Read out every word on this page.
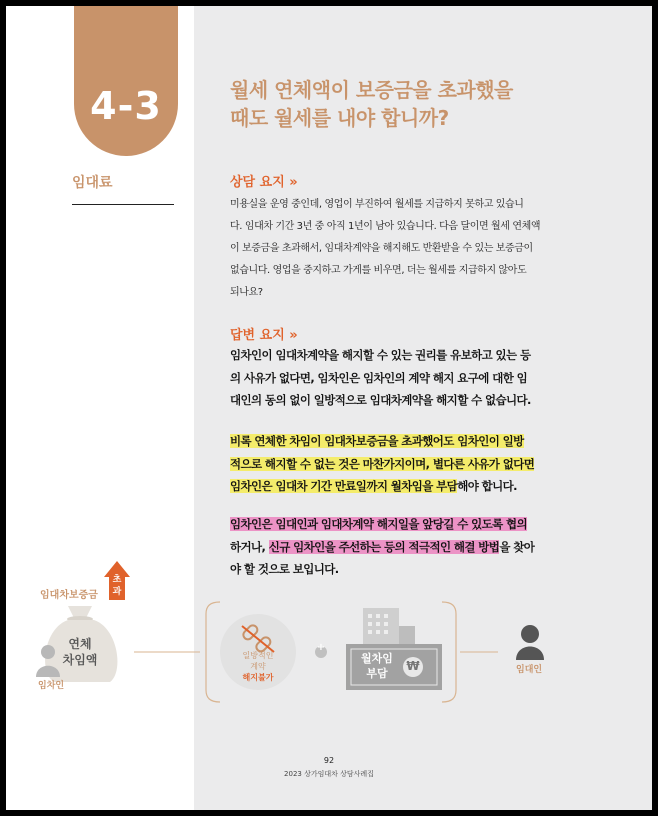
4-3
임대료
월세 연체액이 보증금을 초과했을
때도 월세를 내야 합니까?
상담 요지 »
미용실을 운영 중인데, 영업이 부진하여 월세를 지급하지 못하고 있습니
다. 임대차 기간 3년 중 아직 1년이 남아 있습니다. 다음 달이면 월세 연체액
이 보증금을 초과해서, 임대차계약을 해지해도 반환받을 수 있는 보증금이
없습니다. 영업을 중지하고 가게를 비우면, 더는 월세를 지급하지 않아도
되나요?
답변 요지 »
임차인이 임대차계약을 해지할 수 있는 권리를 유보하고 있는 등
의 사유가 없다면, 임차인은 임차인의 계약 해지 요구에 대한 임
대인의 동의 없이 일방적으로 임대차계약을 해지할 수 없습니다.
비록 연체한 차임이 임대차보증금을 초과했어도 임차인이 일방
적으로 해지할 수 없는 것은 마찬가지이며, 별다른 사유가 없다면
임차인은 임대차 기간 만료일까지 월차임을 부담해야 합니다.
임차인은 임대인과 임대차계약 해지일을 앞당길 수 있도록 협의
하거나, 신규 임차인을 주선하는 등의 적극적인 해결 방법을 찾아
야 할 것으로 보입니다.
초
과
임대차보증금
연체
차임액
임차인
일방적인
계약
해지불가
+
월차임
부담
₩	임대인
92
2023 상가임대차 상담사례집
